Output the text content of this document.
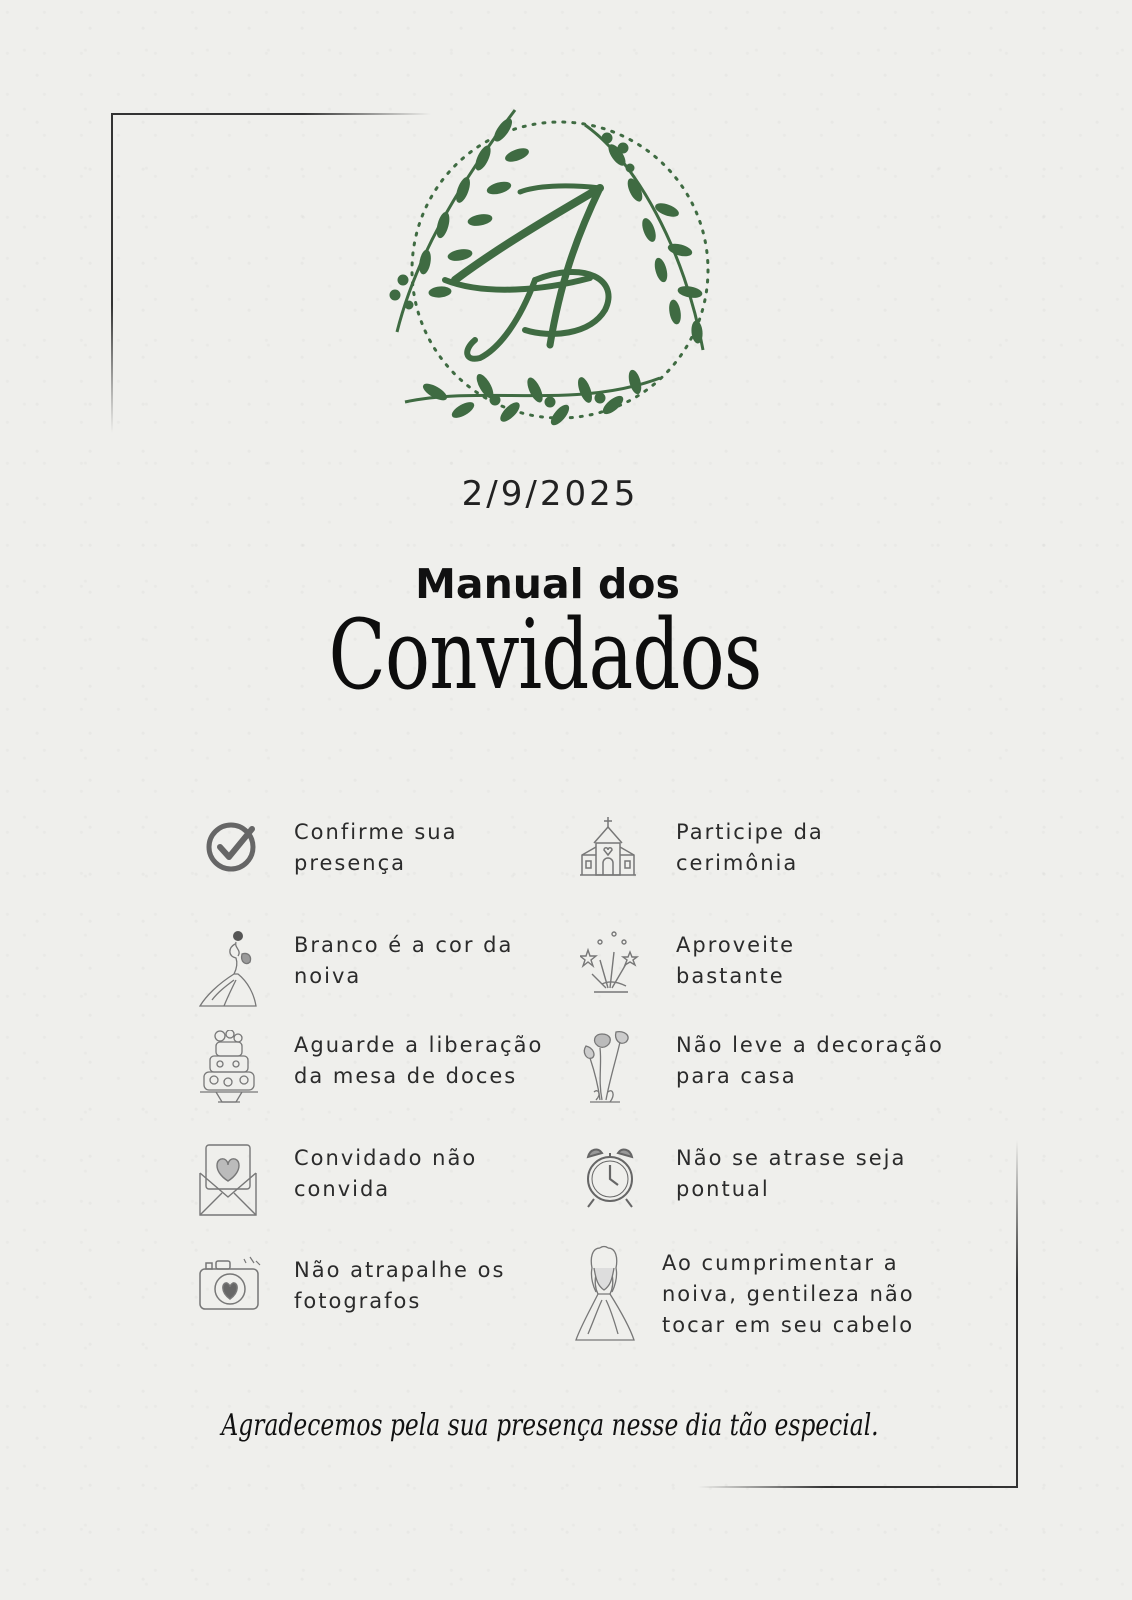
2/9/2025
Manual dos
Convidados
Confirme sua
presença
Participe da
cerimônia
Branco é a cor da
noiva
Aproveite
bastante
Aguarde a liberação
da mesa de doces
Não leve a decoração
para casa
Convidado não
convida
Não se atrase seja
pontual
Não atrapalhe os
fotografos
Ao cumprimentar a
noiva, gentileza não
tocar em seu cabelo
Agradecemos pela sua presença nesse dia tão especial.
